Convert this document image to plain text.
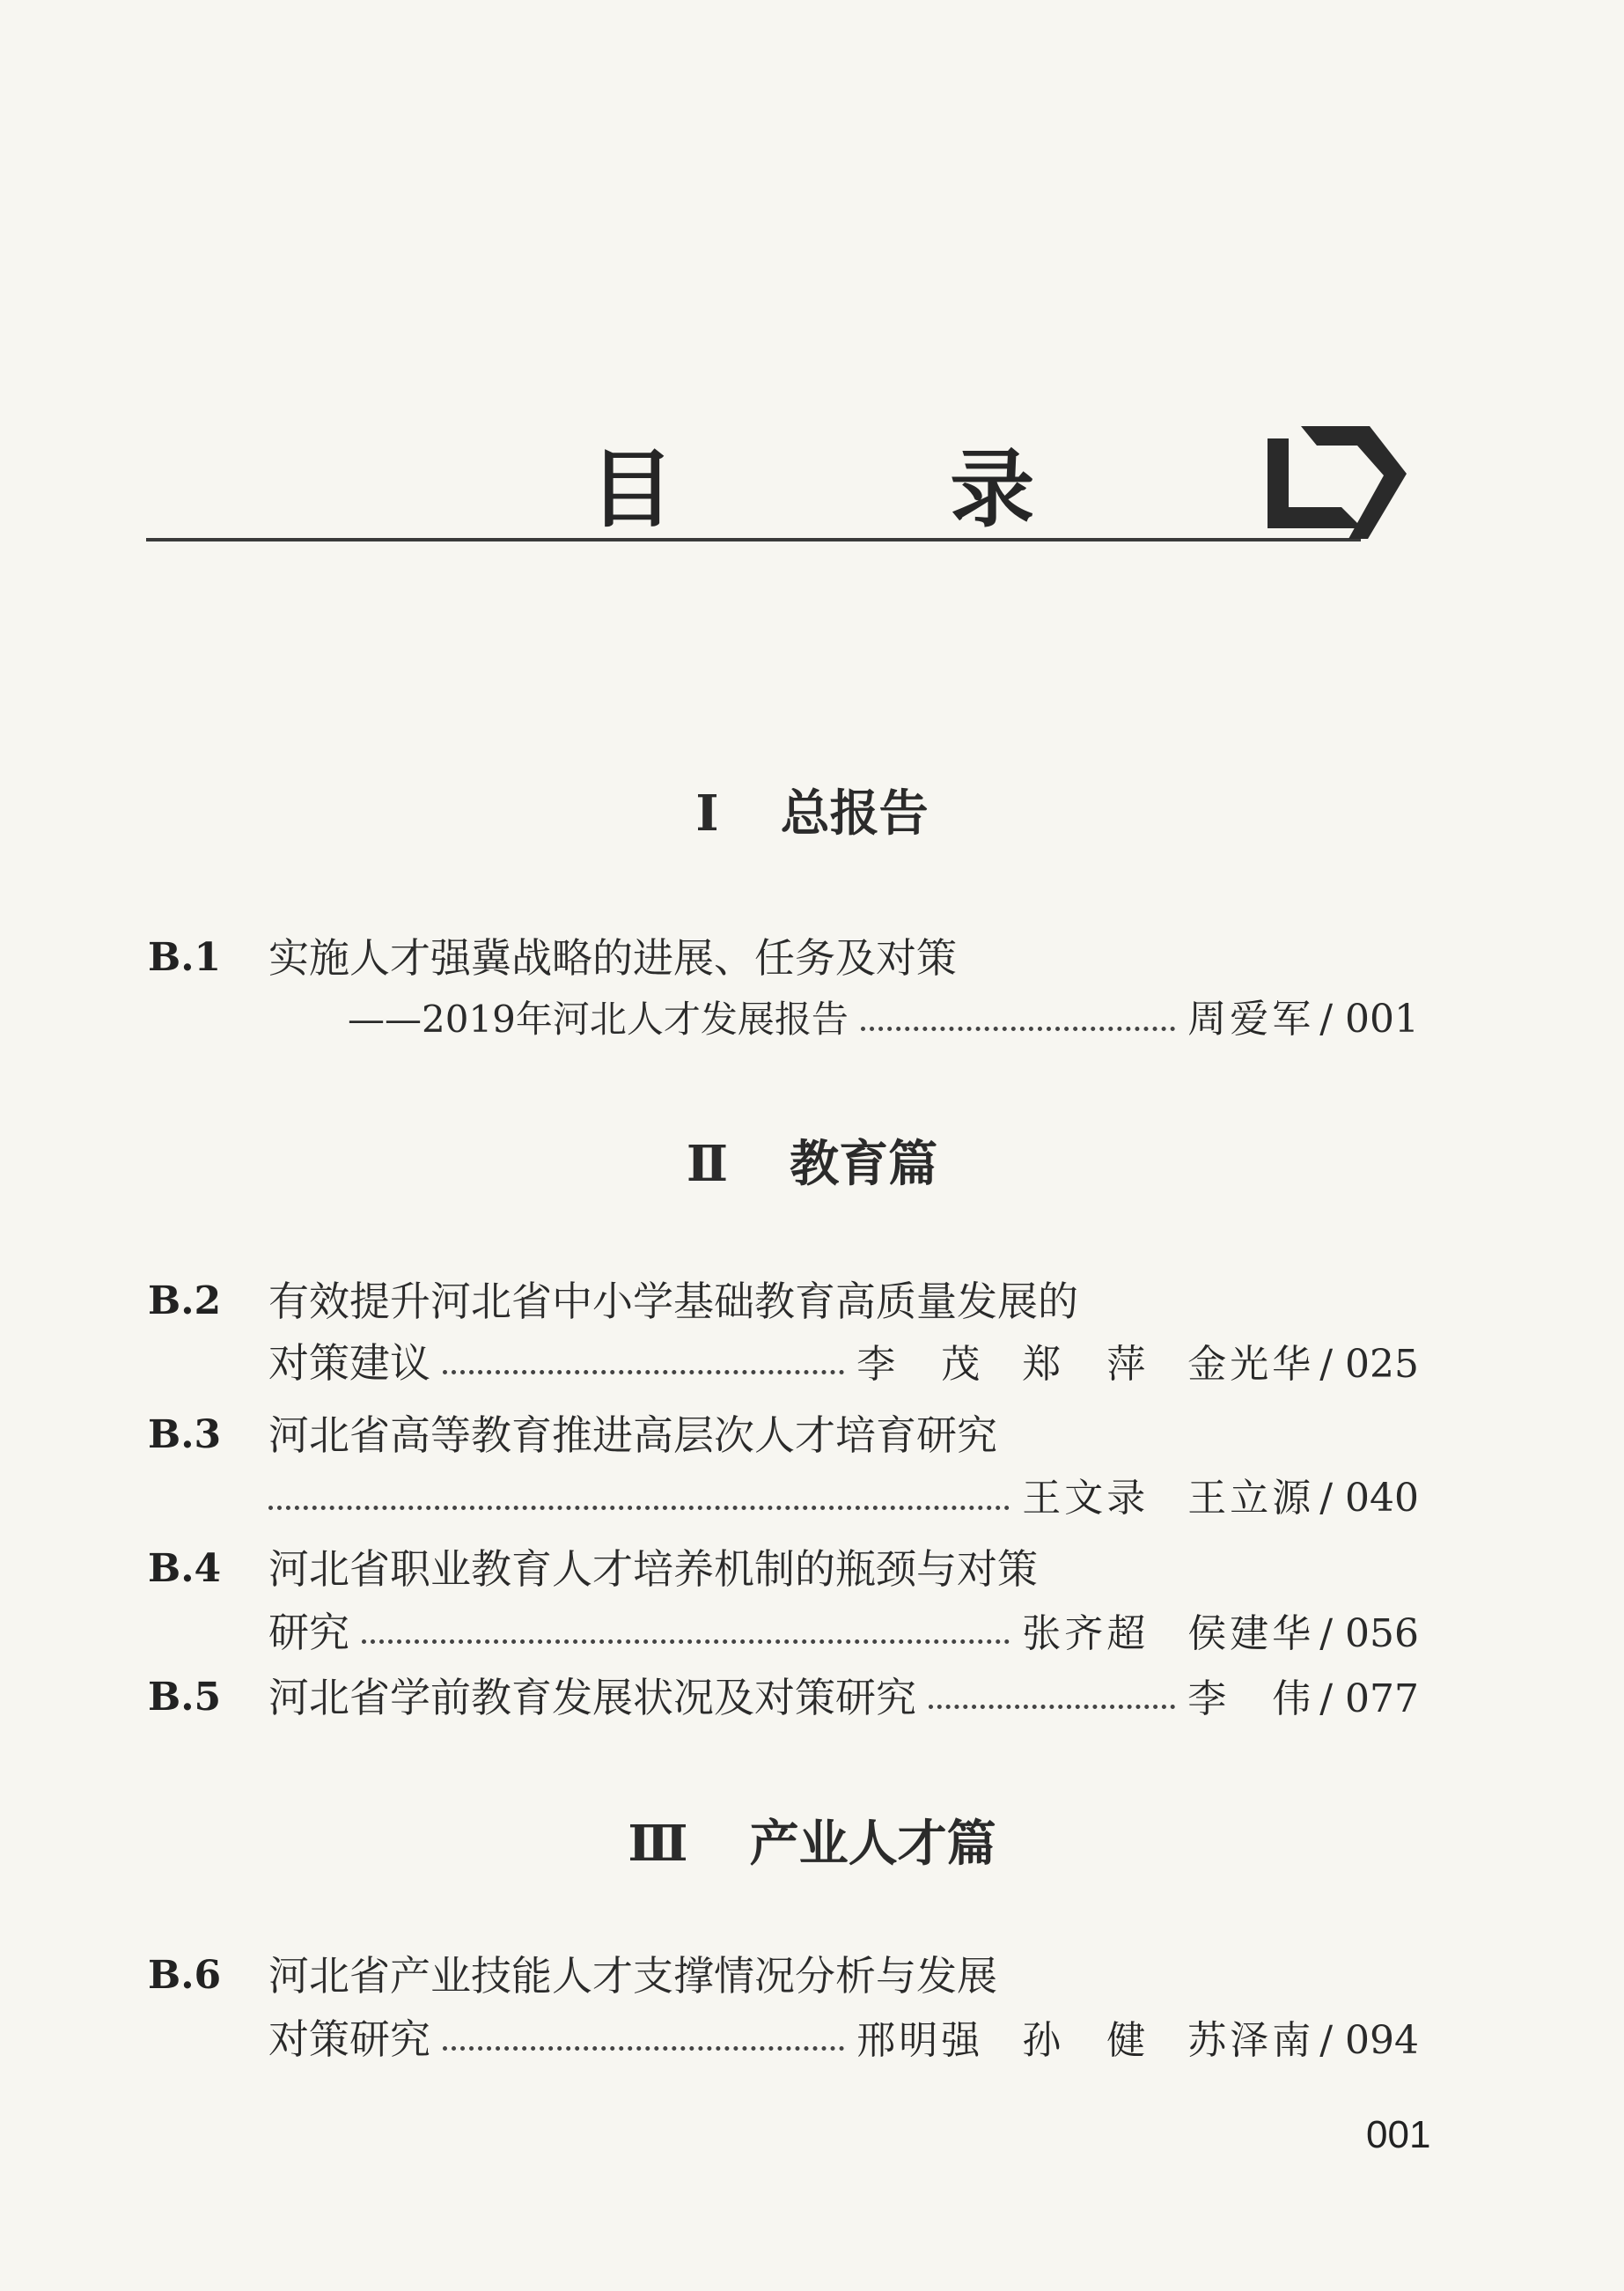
目 录
Ⅰ 总报告
B.1 实施人才强冀战略的进展、任务及对策
——2019年河北人才发展报告	周爱军 / 001
Ⅱ 教育篇
B.2 有效提升河北省中小学基础教育高质量发展的
对策建议	李　茂 郑　萍 金光华 / 025
B.3 河北省高等教育推进高层次人才培育研究
王文录 王立源 / 040
B.4 河北省职业教育人才培养机制的瓶颈与对策
研究	张齐超 侯建华 / 056
B.5 河北省学前教育发展状况及对策研究	李　伟 / 077
Ⅲ 产业人才篇
B.6 河北省产业技能人才支撑情况分析与发展
对策研究	邢明强 孙　健 苏泽南 / 094
001
